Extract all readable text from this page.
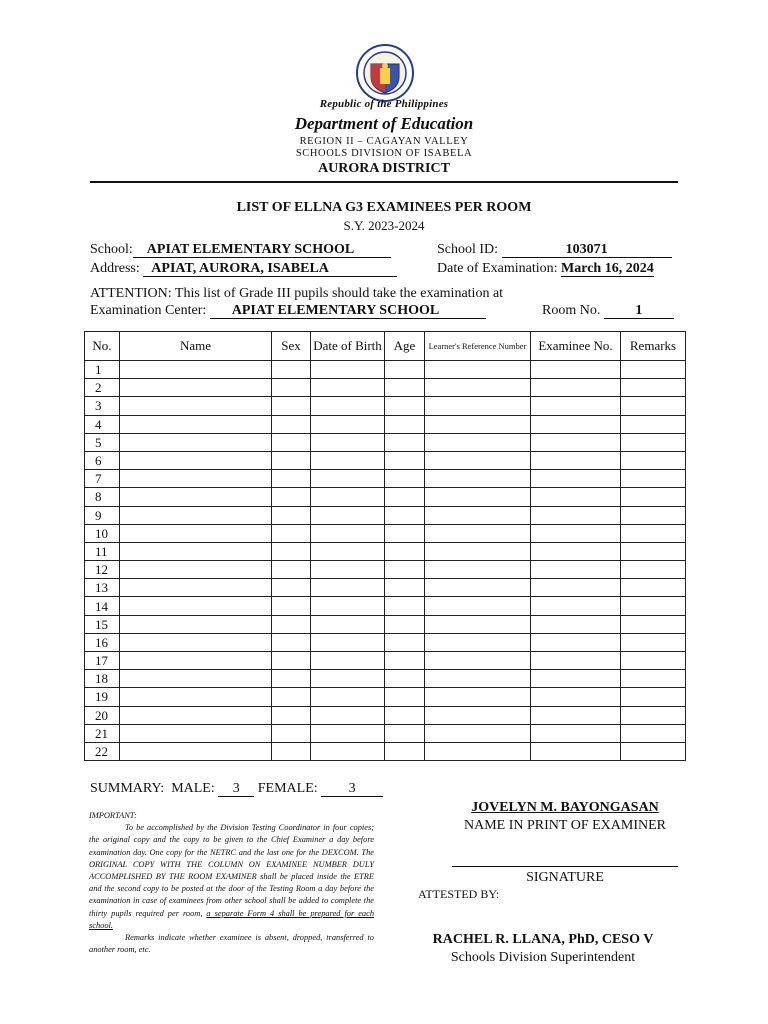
Republic of the Philippines
Department of Education
REGION II – CAGAYAN VALLEY
SCHOOLS DIVISION OF ISABELA
AURORA DISTRICT
LIST OF ELLNA G3 EXAMINEES PER ROOM
S.Y. 2023-2024
School: APIAT ELEMENTARY SCHOOL	School ID:	103071
Address: APIAT, AURORA, ISABELA	Date of Examination: March 16, 2024
ATTENTION: This list of Grade III pupils should take the examination at
Examination Center: APIAT ELEMENTARY SCHOOL	Room No.	1
No.	Name	Sex	Date of Birth	Age	Learner's Reference Number	Examinee No.	Remarks
1							
2							
3							
4							
5							
6							
7							
8							
9							
10							
11							
12							
13							
14							
15							
16							
17							
18							
19							
20							
21							
22							
SUMMARY: MALE: 3 FEMALE: 3

IMPORTANT:

To be accomplished by the Division Testing Coordinator in four copies; the original copy and the copy to be given to the Chief Examiner a day before examination day. One copy for the NETRC and the last one for the DEXCOM. The ORIGINAL COPY WITH THE COLUMN ON EXAMINEE NUMBER DULY ACCOMPLISHED BY THE ROOM EXAMINER shall be placed inside the ETRE and the second copy to be posted at the door of the Testing Room a day before the examination in case of examinees from other school shall be added to complete the thirty pupils required per room, a separate Form 4 shall be prepared for each school.

Remarks indicate whether examinee is absent, dropped, transferred to another room, etc.

JOVELYN M. BAYONGASAN
NAME IN PRINT OF EXAMINER
SIGNATURE
ATTESTED BY:
RACHEL R. LLANA, PhD, CESO V
Schools Division Superintendent
